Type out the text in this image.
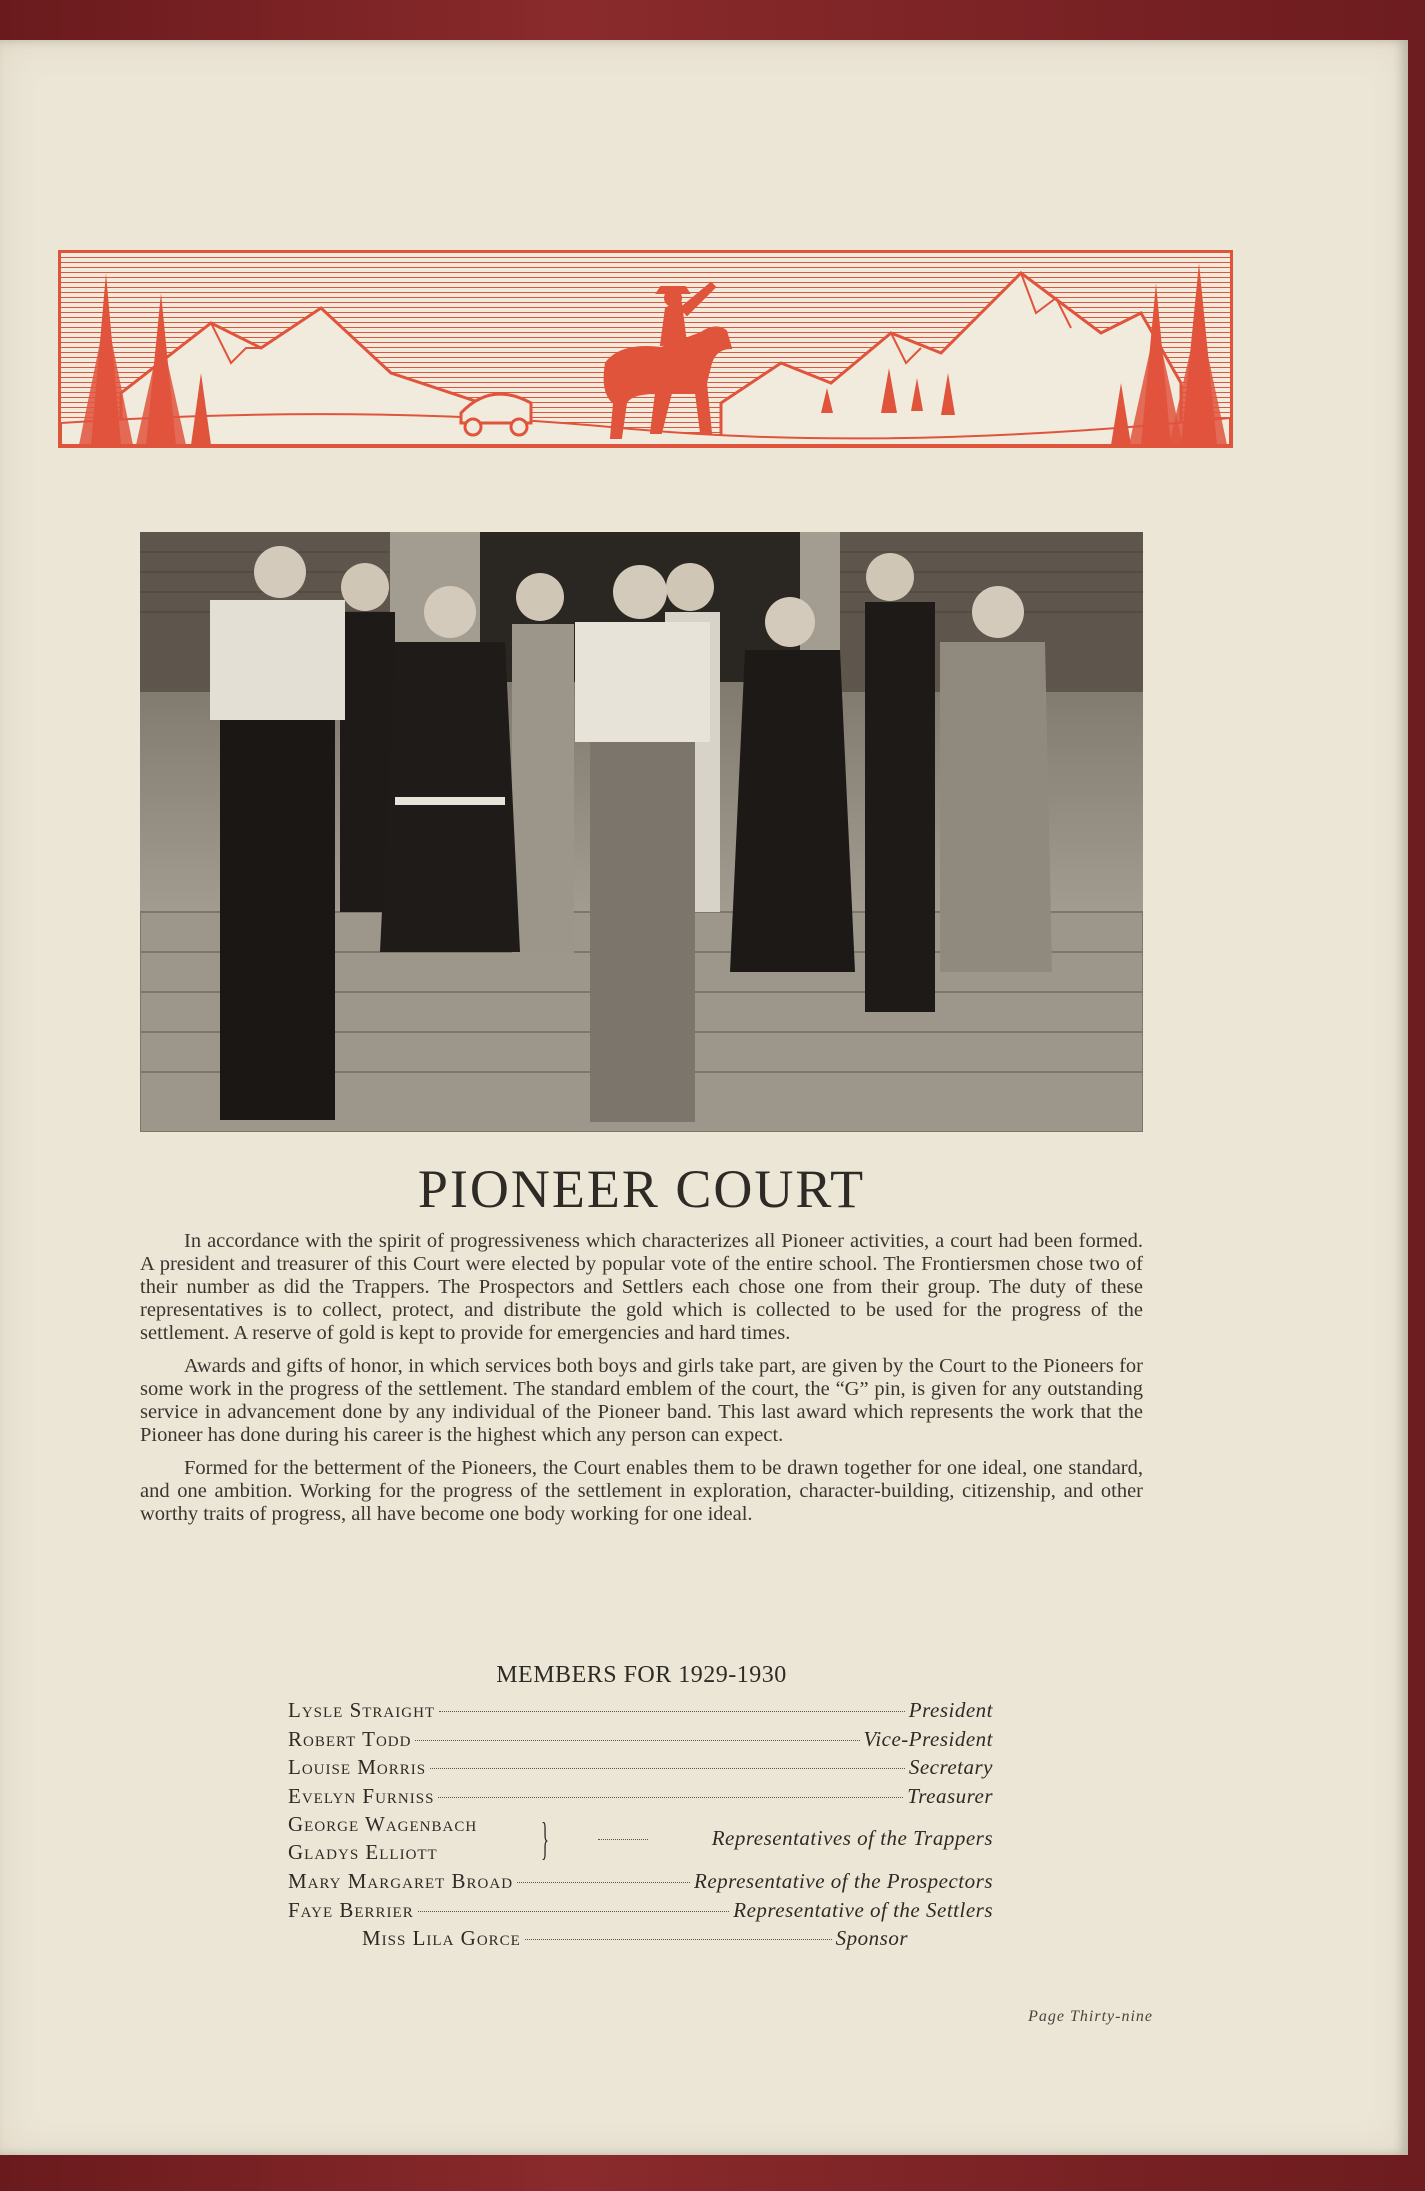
PIONEER COURT

In accordance with the spirit of progressiveness which characterizes all Pioneer activities, a court had been formed. A president and treasurer of this Court were elected by popular vote of the entire school. The Frontiersmen chose two of their number as did the Trappers. The Prospectors and Settlers each chose one from their group. The duty of these representatives is to collect, protect, and distribute the gold which is collected to be used for the progress of the settlement. A reserve of gold is kept to provide for emergencies and hard times.

Awards and gifts of honor, in which services both boys and girls take part, are given by the Court to the Pioneers for some work in the progress of the settlement. The standard emblem of the court, the “G” pin, is given for any outstanding service in advancement done by any individual of the Pioneer band. This last award which represents the work that the Pioneer has done during his career is the highest which any person can expect.

Formed for the betterment of the Pioneers, the Court enables them to be drawn together for one ideal, one standard, and one ambition. Working for the progress of the settlement in exploration, character-building, citizenship, and other worthy traits of progress, all have become one body working for one ideal.

MEMBERS FOR 1929-1930
Lysle Straight	President
Robert Todd	Vice-President
Louise Morris	Secretary
Evelyn Furniss	Treasurer
George Wagenbach
Gladys Elliott }	Representatives of the Trappers
Mary Margaret Broad	Representative of the Prospectors
Faye Berrier	Representative of the Settlers
Miss Lila Gorce	Sponsor
Page Thirty-nine
